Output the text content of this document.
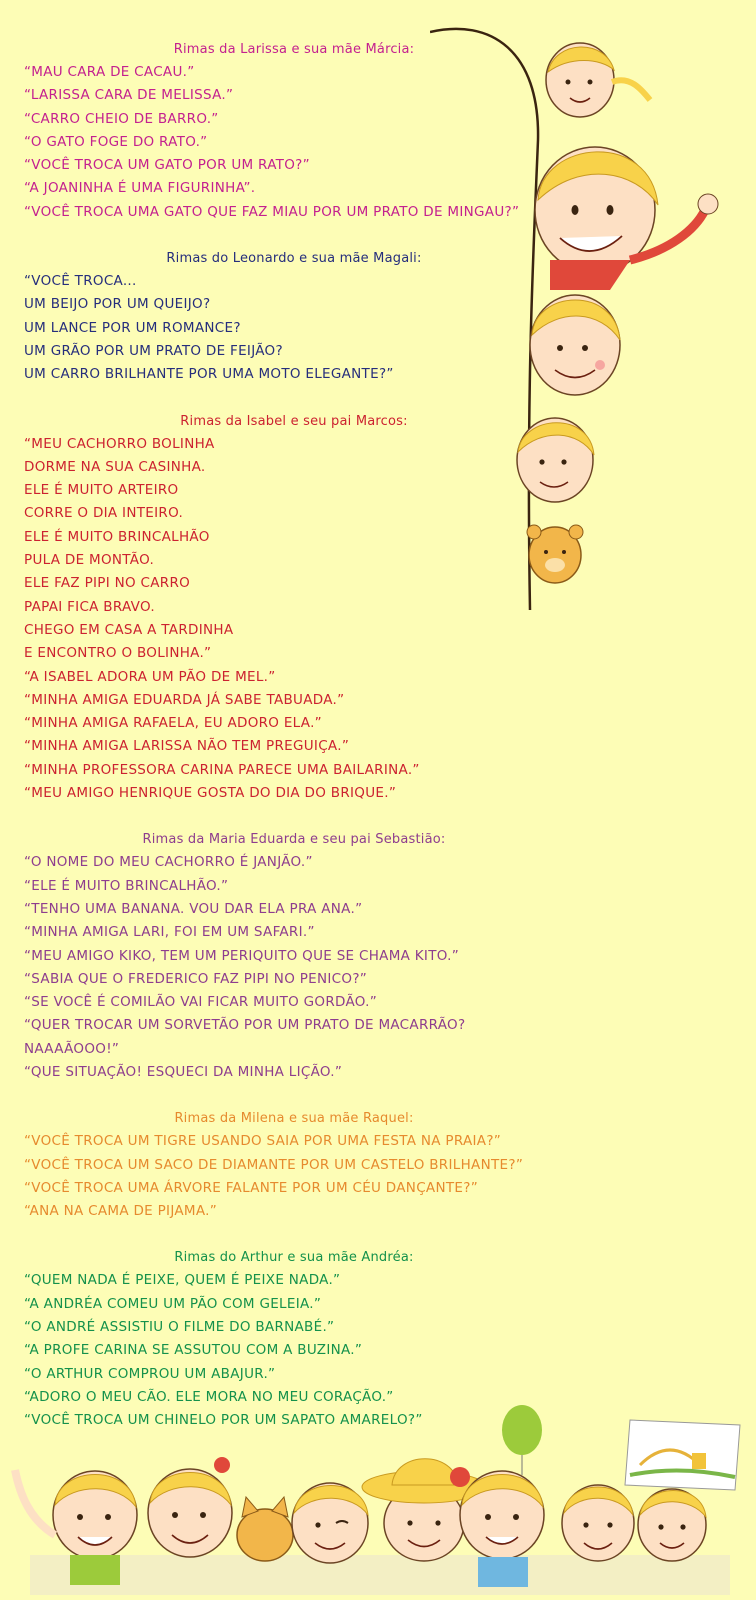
Rimas da Larissa e sua mãe Márcia:
“MAU CARA DE CACAU.”
“LARISSA CARA DE MELISSA.”
“CARRO CHEIO DE BARRO.”
“O GATO FOGE DO RATO.”
“VOCÊ TROCA UM GATO POR UM RATO?”
“A JOANINHA É UMA FIGURINHA”.
“VOCÊ TROCA UMA GATO QUE FAZ MIAU POR UM PRATO DE MINGAU?”
Rimas do Leonardo e sua mãe Magali:
“VOCÊ TROCA...
UM BEIJO POR UM QUEIJO?
UM LANCE POR UM ROMANCE?
UM GRÃO POR UM PRATO DE FEIJÃO?
UM CARRO BRILHANTE POR UMA MOTO ELEGANTE?”
Rimas da Isabel e seu pai Marcos:
“MEU CACHORRO BOLINHA
DORME NA SUA CASINHA.
ELE É MUITO ARTEIRO
CORRE O DIA INTEIRO.
ELE É MUITO BRINCALHÃO
PULA DE MONTÃO.
ELE FAZ PIPI NO CARRO
PAPAI FICA BRAVO.
CHEGO EM CASA A TARDINHA
E ENCONTRO O BOLINHA.”
“A ISABEL ADORA UM PÃO DE MEL.”
“MINHA AMIGA EDUARDA JÁ SABE TABUADA.”
“MINHA AMIGA RAFAELA, EU ADORO ELA.”
“MINHA AMIGA LARISSA NÃO TEM PREGUIÇA.”
“MINHA PROFESSORA CARINA PARECE UMA BAILARINA.”
“MEU AMIGO HENRIQUE GOSTA DO DIA DO BRIQUE.”
Rimas da Maria Eduarda e seu pai Sebastião:
“O NOME DO MEU CACHORRO É JANJÃO.”
“ELE É MUITO BRINCALHÃO.”
“TENHO UMA BANANA. VOU DAR ELA PRA ANA.”
“MINHA AMIGA LARI, FOI EM UM SAFARI.”
“MEU AMIGO KIKO, TEM UM PERIQUITO QUE SE CHAMA KITO.”
“SABIA QUE O FREDERICO FAZ PIPI NO PENICO?”
“SE VOCÊ É COMILÃO VAI FICAR MUITO GORDÃO.”
“QUER TROCAR UM SORVETÃO POR UM PRATO DE MACARRÃO?
NAAAÃOOO!”
“QUE SITUAÇÃO! ESQUECI DA MINHA LIÇÃO.”
Rimas da Milena e sua mãe Raquel:
“VOCÊ TROCA UM TIGRE USANDO SAIA POR UMA FESTA NA PRAIA?”
“VOCÊ TROCA UM SACO DE DIAMANTE POR UM CASTELO BRILHANTE?”
“VOCÊ TROCA UMA ÁRVORE FALANTE POR UM CÉU DANÇANTE?”
“ANA NA CAMA DE PIJAMA.”
Rimas do Arthur e sua mãe Andréa:
“QUEM NADA É PEIXE, QUEM É PEIXE NADA.”
“A ANDRÉA COMEU UM PÃO COM GELEIA.”
“O ANDRÉ ASSISTIU O FILME DO BARNABÉ.”
“A PROFE CARINA SE ASSUTOU COM A BUZINA.”
“O ARTHUR COMPROU UM ABAJUR.”
“ADORO O MEU CÃO. ELE MORA NO MEU CORAÇÃO.”
“VOCÊ TROCA UM CHINELO POR UM SAPATO AMARELO?”
